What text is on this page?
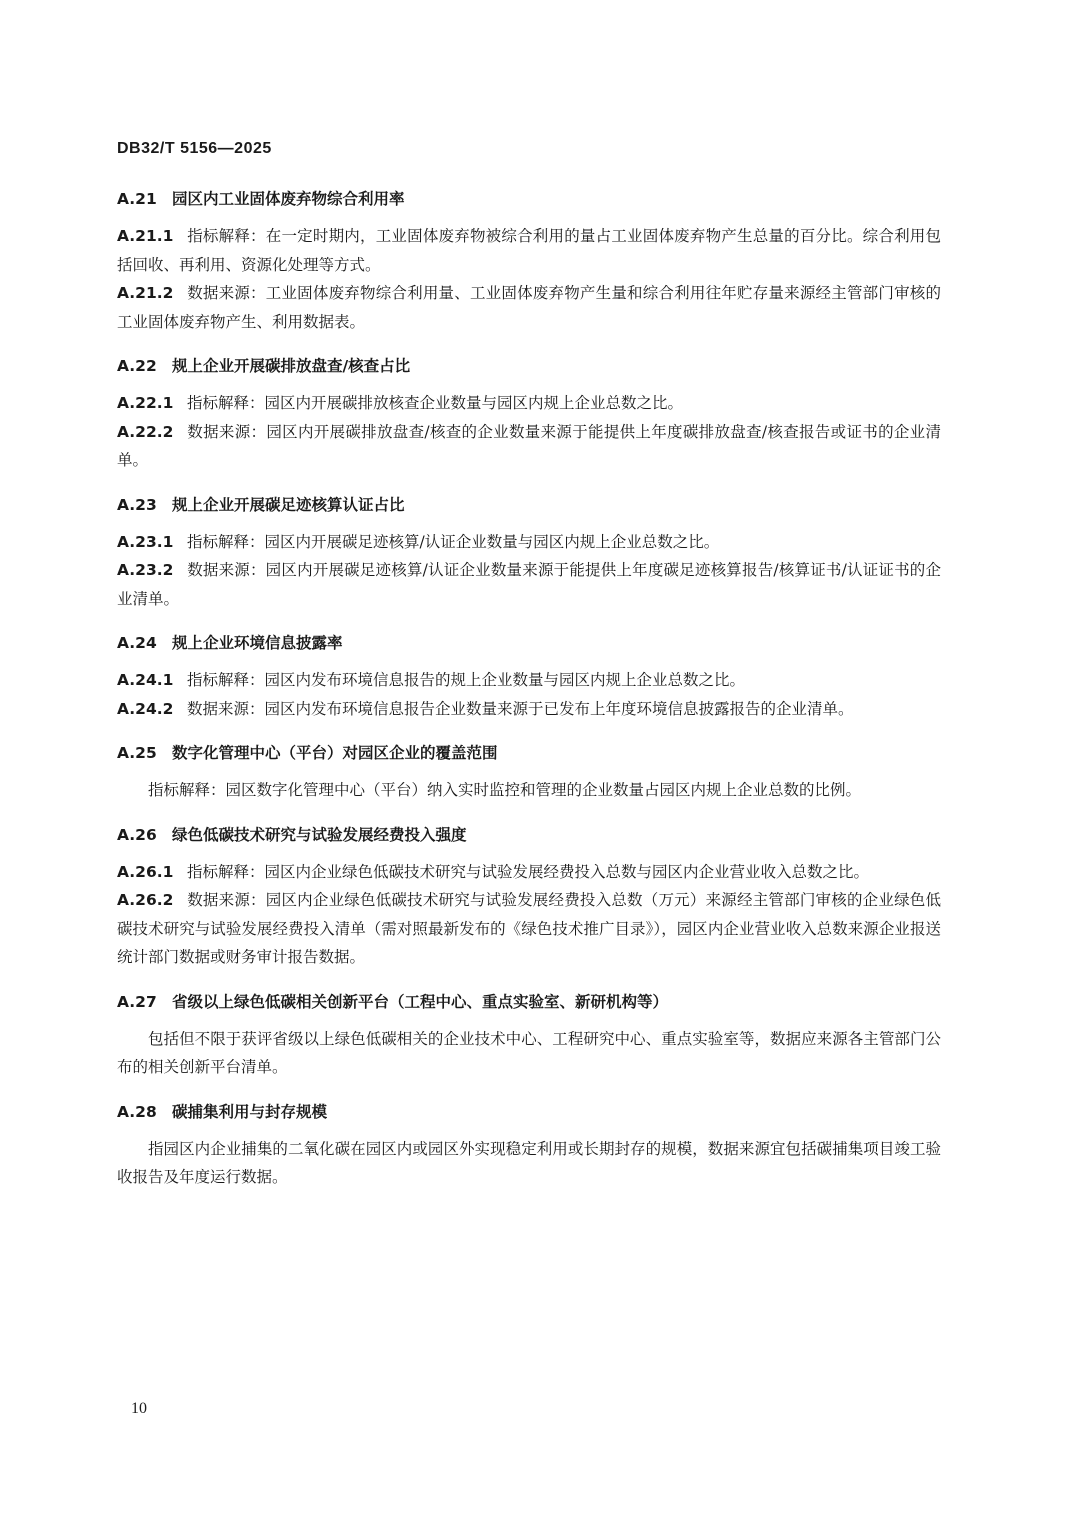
DB32/T 5156—2025
A.21 园区内工业固体废弃物综合利用率

A.21.1 指标解释：在一定时期内，工业固体废弃物被综合利用的量占工业固体废弃物产生总量的百分比。综合利用包括回收、再利用、资源化处理等方式。

A.21.2 数据来源：工业固体废弃物综合利用量、工业固体废弃物产生量和综合利用往年贮存量来源经主管部门审核的工业固体废弃物产生、利用数据表。

A.22 规上企业开展碳排放盘查/核查占比

A.22.1 指标解释：园区内开展碳排放核查企业数量与园区内规上企业总数之比。

A.22.2 数据来源：园区内开展碳排放盘查/核查的企业数量来源于能提供上年度碳排放盘查/核查报告或证书的企业清单。

A.23 规上企业开展碳足迹核算认证占比

A.23.1 指标解释：园区内开展碳足迹核算/认证企业数量与园区内规上企业总数之比。

A.23.2 数据来源：园区内开展碳足迹核算/认证企业数量来源于能提供上年度碳足迹核算报告/核算证书/认证证书的企业清单。

A.24 规上企业环境信息披露率

A.24.1 指标解释：园区内发布环境信息报告的规上企业数量与园区内规上企业总数之比。

A.24.2 数据来源：园区内发布环境信息报告企业数量来源于已发布上年度环境信息披露报告的企业清单。

A.25 数字化管理中心（平台）对园区企业的覆盖范围

指标解释：园区数字化管理中心（平台）纳入实时监控和管理的企业数量占园区内规上企业总数的比例。

A.26 绿色低碳技术研究与试验发展经费投入强度

A.26.1 指标解释：园区内企业绿色低碳技术研究与试验发展经费投入总数与园区内企业营业收入总数之比。

A.26.2 数据来源：园区内企业绿色低碳技术研究与试验发展经费投入总数（万元）来源经主管部门审核的企业绿色低碳技术研究与试验发展经费投入清单（需对照最新发布的《绿色技术推广目录》），园区内企业营业收入总数来源企业报送统计部门数据或财务审计报告数据。

A.27 省级以上绿色低碳相关创新平台（工程中心、重点实验室、新研机构等）

包括但不限于获评省级以上绿色低碳相关的企业技术中心、工程研究中心、重点实验室等，数据应来源各主管部门公布的相关创新平台清单。

A.28 碳捕集利用与封存规模

指园区内企业捕集的二氧化碳在园区内或园区外实现稳定利用或长期封存的规模，数据来源宜包括碳捕集项目竣工验收报告及年度运行数据。

10
